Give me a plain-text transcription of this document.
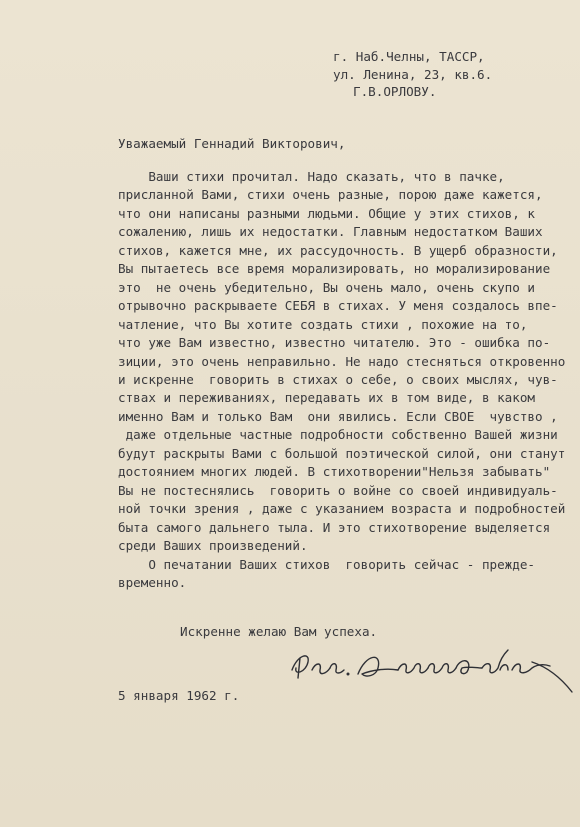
г. Наб.Челны, ТАССР,
ул. Ленина, 23, кв.6.
Г.В.ОРЛОВУ.
Уважаемый Геннадий Викторович,
Ваши стихи прочитал. Надо сказать, что в пачке,
присланной Вами, стихи очень разные, порою даже кажется,
что они написаны разными людьми. Общие у этих стихов, к
сожалению, лишь их недостатки. Главным недостатком Ваших
стихов, кажется мне, их рассудочность. В ущерб образности,
Вы пытаетесь все время морализировать, но морализирование
это  не очень убедительно, Вы очень мало, очень скупо и
отрывочно раскрываете СЕБЯ в стихах. У меня создалось впе-
чатление, что Вы хотите создать стихи , похожие на то,
что уже Вам известно, известно читателю. Это - ошибка по-
зиции, это очень неправильно. Не надо стесняться откровенно
и искренне  говорить в стихах о себе, о своих мыслях, чув-
ствах и переживаниях, передавать их в том виде, в каком
именно Вам и только Вам  они явились. Если СВОЕ  чувство ,
даже отдельные частные подробности собственно Вашей жизни
будут раскрыты Вами с большой поэтической силой, они станут
достоянием многих людей. В стихотворении"Нельзя забывать"
Вы не постеснялись  говорить о войне со своей индивидуаль-
ной точки зрения , даже с указанием возраста и подробностей
быта самого дальнего тыла. И это стихотворение выделяется
среди Ваших произведений.
О печатании Ваших стихов  говорить сейчас - прежде-
временно.
Искренне желаю Вам успеха.
5 января 1962 г.
